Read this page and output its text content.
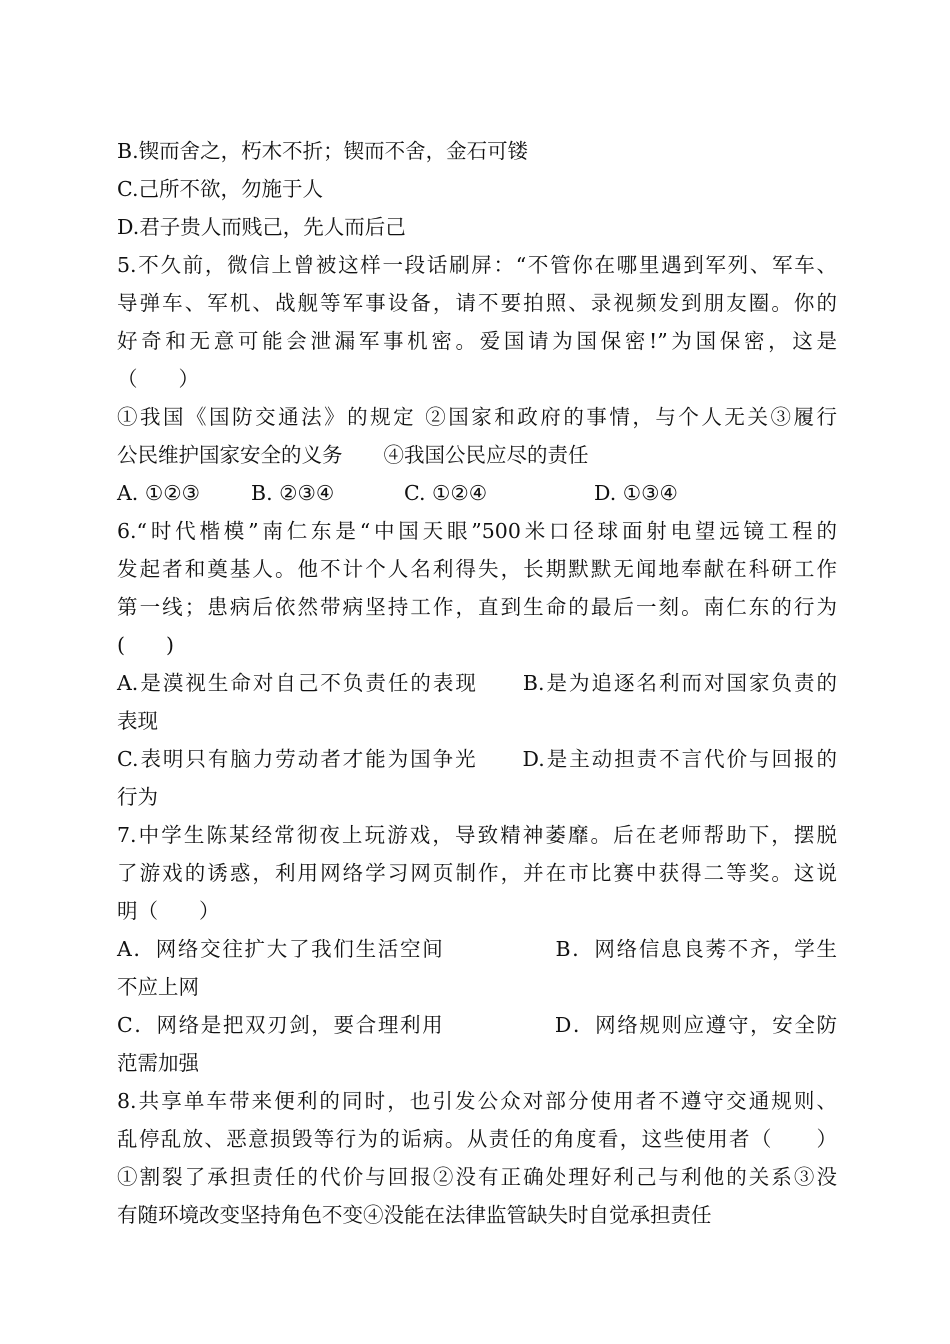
B.锲而舍之，朽木不折；锲而不舍，金石可镂
C.己所不欲，勿施于人
D.君子贵人而贱己，先人而后己
5.不久前，微信上曾被这样一段话刷屏：“不管你在哪里遇到军列、军车、
导弹车、军机、战舰等军事设备，请不要拍照、录视频发到朋友圈。你的
好奇和无意可能会泄漏军事机密。爱国请为国保密!”为国保密，这是
（　　）
①我国《国防交通法》的规定 ②国家和政府的事情，与个人无关③履行
公民维护国家安全的义务　　④我国公民应尽的责任

A. ①②③

B. ②③④

	C. ①②④

	D. ①③④

6.“时代楷模”南仁东是“中国天眼”500米口径球面射电望远镜工程的
发起者和奠基人。他不计个人名利得失，长期默默无闻地奉献在科研工作
第一线；患病后依然带病坚持工作，直到生命的最后一刻。南仁东的行为
(　　)
A.是漠视生命对自己不负责任的表现　　B.是为追逐名利而对国家负责的
表现
C.表明只有脑力劳动者才能为国争光　　D.是主动担责不言代价与回报的
行为
7.中学生陈某经常彻夜上玩游戏，导致精神萎靡。后在老师帮助下，摆脱
了游戏的诱惑，利用网络学习网页制作，并在市比赛中获得二等奖。这说
明（　　）
A．网络交往扩大了我们生活空间　　　　　B．网络信息良莠不齐，学生
不应上网
C．网络是把双刃剑，要合理利用　　　　　D．网络规则应遵守，安全防
范需加强
8.共享单车带来便利的同时，也引发公众对部分使用者不遵守交通规则、
乱停乱放、恶意损毁等行为的诟病。从责任的角度看，这些使用者（　　）
①割裂了承担责任的代价与回报②没有正确处理好利己与利他的关系③没
有随环境改变坚持角色不变④没能在法律监管缺失时自觉承担责任
